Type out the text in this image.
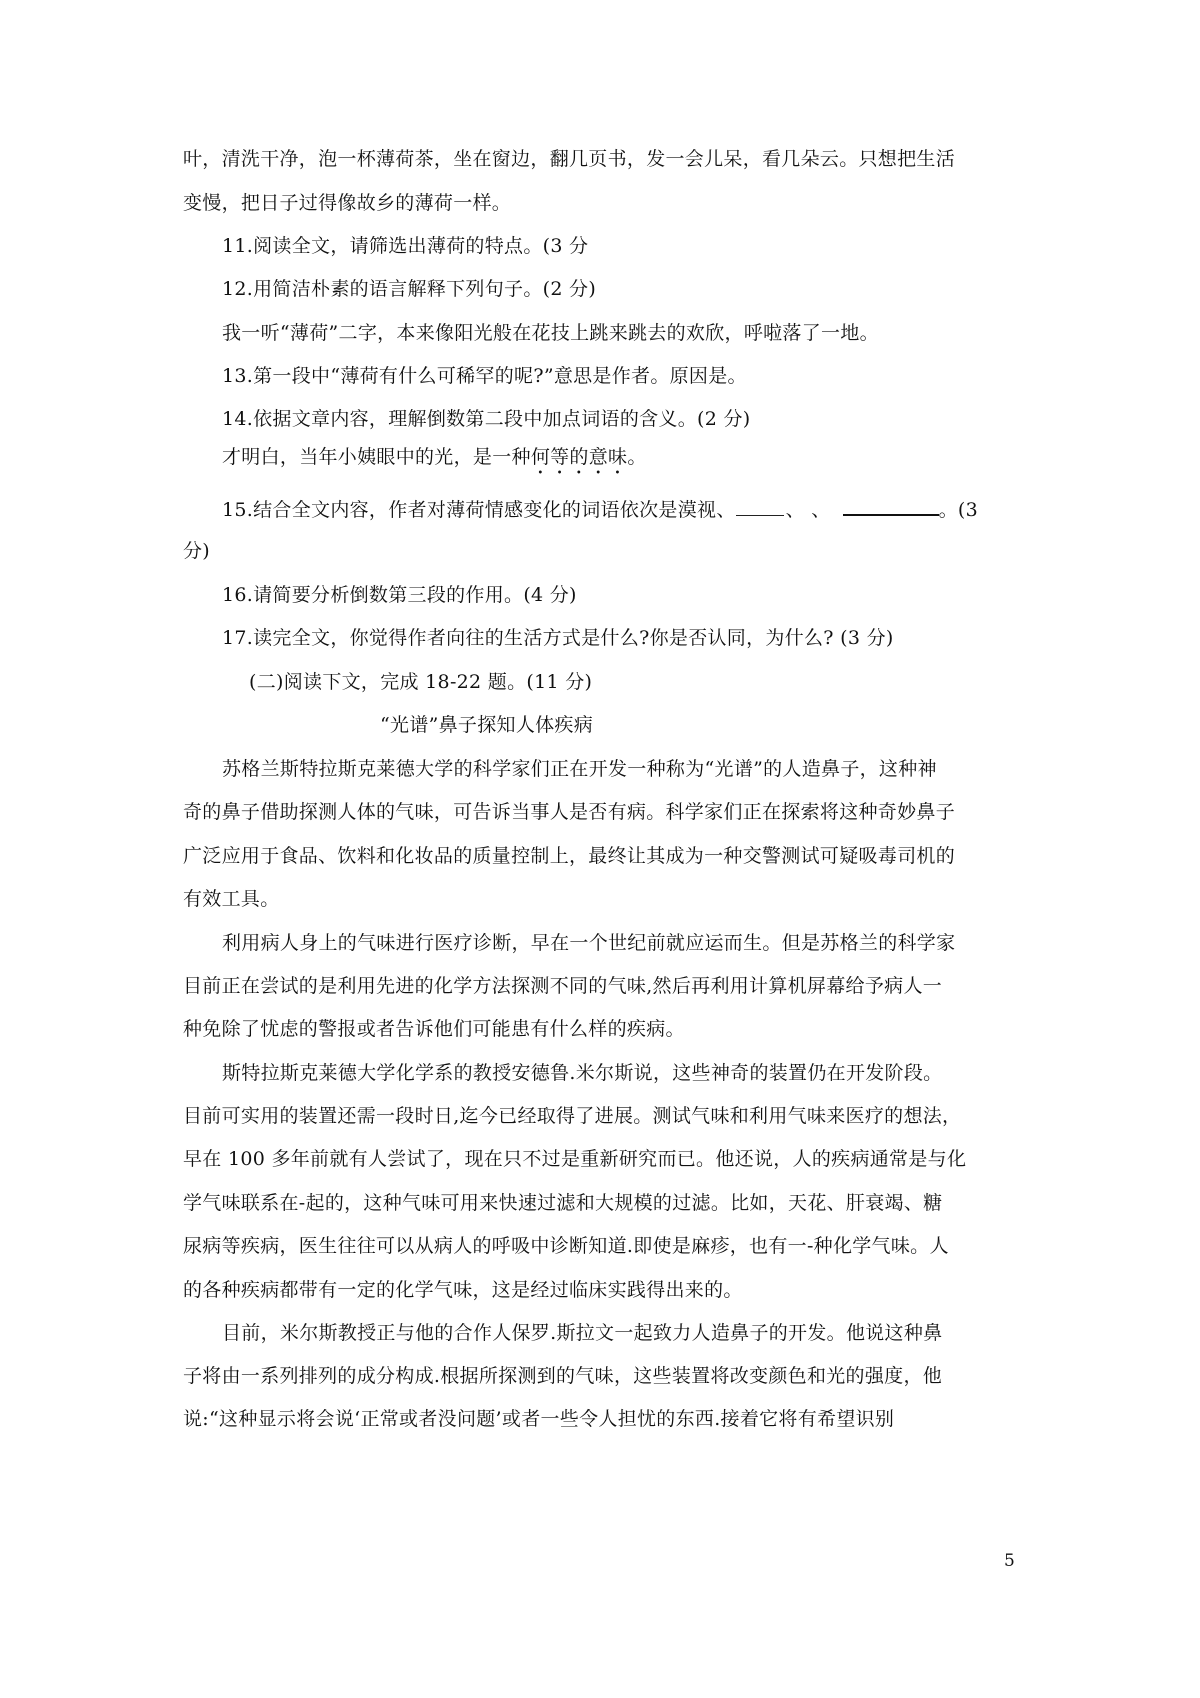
叶，清洗干净，泡一杯薄荷茶，坐在窗边，翻几页书，发一会儿呆，看几朵云。只想把生活
变慢，把日子过得像故乡的薄荷一样。
11.阅读全文，请筛选出薄荷的特点。(3 分
12.用简洁朴素的语言解释下列句子。(2 分)
我一听“薄荷”二字，本来像阳光般在花技上跳来跳去的欢欣，呼啦落了一地。
13.第一段中“薄荷有什么可稀罕的呢?”意思是作者。原因是。
14.依据文章内容，理解倒数第二段中加点词语的含义。(2 分)
才明白，当年小姨眼中的光，是一种何等的意味。
15.结合全文内容，作者对薄荷情感变化的词语依次是漠视、	、 、	。(3
分)
16.请简要分析倒数第三段的作用。(4 分)
17.读完全文，你觉得作者向往的生活方式是什么?你是否认同，为什么? (3 分)
(二)阅读下文，完成 18-22 题。(11 分)
“光谱”鼻子探知人体疾病
苏格兰斯特拉斯克莱德大学的科学家们正在开发一种称为“光谱”的人造鼻子，这种神
奇的鼻子借助探测人体的气味，可告诉当事人是否有病。科学家们正在探索将这种奇妙鼻子
广泛应用于食品、饮料和化妆品的质量控制上，最终让其成为一种交警测试可疑吸毒司机的
有效工具。
利用病人身上的气味进行医疗诊断，早在一个世纪前就应运而生。但是苏格兰的科学家
目前正在尝试的是利用先进的化学方法探测不同的气味,然后再利用计算机屏幕给予病人一
种免除了忧虑的警报或者告诉他们可能患有什么样的疾病。
斯特拉斯克莱德大学化学系的教授安德鲁.米尔斯说，这些神奇的装置仍在开发阶段。
目前可实用的装置还需一段时日,迄今已经取得了进展。测试气味和利用气味来医疗的想法，
早在 100 多年前就有人尝试了，现在只不过是重新研究而已。他还说，人的疾病通常是与化
学气味联系在-起的，这种气味可用来快速过滤和大规模的过滤。比如，天花、肝衰竭、糖
尿病等疾病，医生往往可以从病人的呼吸中诊断知道.即使是麻疹，也有一-种化学气味。人
的各种疾病都带有一定的化学气味，这是经过临床实践得出来的。
目前，米尔斯教授正与他的合作人保罗.斯拉文一起致力人造鼻子的开发。他说这种鼻
子将由一系列排列的成分构成.根据所探测到的气味，这些装置将改变颜色和光的强度，他
说:“这种显示将会说‘正常或者没问题’或者一些令人担忧的东西.接着它将有希望识别
5
